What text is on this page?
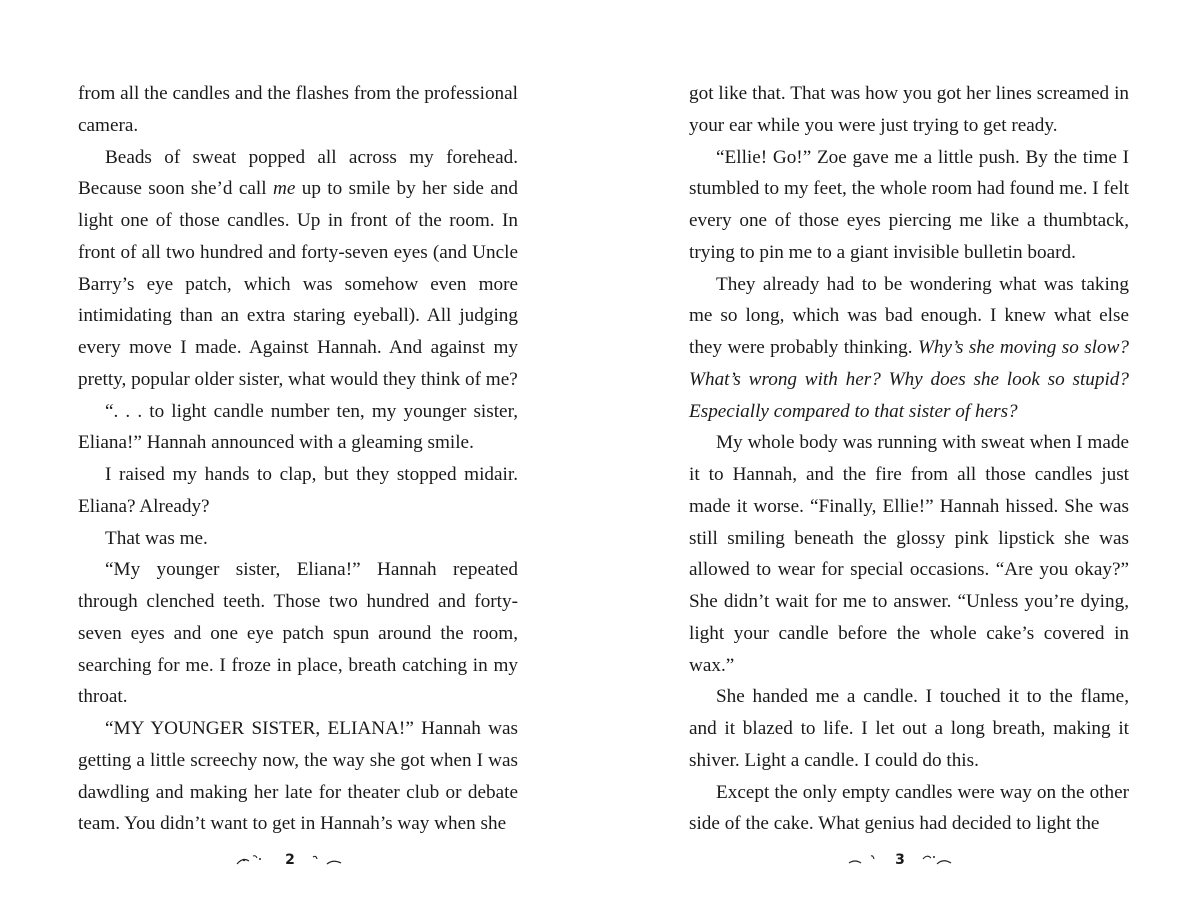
from all the candles and the flashes from the professional camera.

Beads of sweat popped all across my forehead. Because soon she’d call me up to smile by her side and light one of those candles. Up in front of the room. In front of all two hundred and forty-seven eyes (and Uncle Barry’s eye patch, which was somehow even more intimidating than an extra staring eyeball). All judging every move I made. Against Hannah. And against my pretty, popular older sister, what would they think of me?

“. . . to light candle number ten, my younger sister, Eliana!” Hannah announced with a gleaming smile.

I raised my hands to clap, but they stopped midair. Eliana? Already?

That was me.

“My younger sister, Eliana!” Hannah repeated through clenched teeth. Those two hundred and forty-seven eyes and one eye patch spun around the room, searching for me. I froze in place, breath catching in my throat.

“MY YOUNGER SISTER, ELIANA!” Hannah was getting a little screechy now, the way she got when I was dawdling and making her late for theater club or debate team. You didn’t want to get in Hannah’s way when she

got like that. That was how you got her lines screamed in your ear while you were just trying to get ready.

“Ellie! Go!” Zoe gave me a little push. By the time I stumbled to my feet, the whole room had found me. I felt every one of those eyes piercing me like a thumbtack, trying to pin me to a giant invisible bulletin board.

They already had to be wondering what was taking me so long, which was bad enough. I knew what else they were probably thinking. Why’s she moving so slow? What’s wrong with her? Why does she look so stupid? Especially compared to that sister of hers?

My whole body was running with sweat when I made it to Hannah, and the fire from all those candles just made it worse. “Finally, Ellie!” Hannah hissed. She was still smiling beneath the glossy pink lipstick she was allowed to wear for special occasions. “Are you okay?” She didn’t wait for me to answer. “Unless you’re dying, light your candle before the whole cake’s covered in wax.”

She handed me a candle. I touched it to the flame, and it blazed to life. I let out a long breath, making it shiver. Light a candle. I could do this.

Except the only empty candles were way on the other side of the cake. What genius had decided to light the

2	3
